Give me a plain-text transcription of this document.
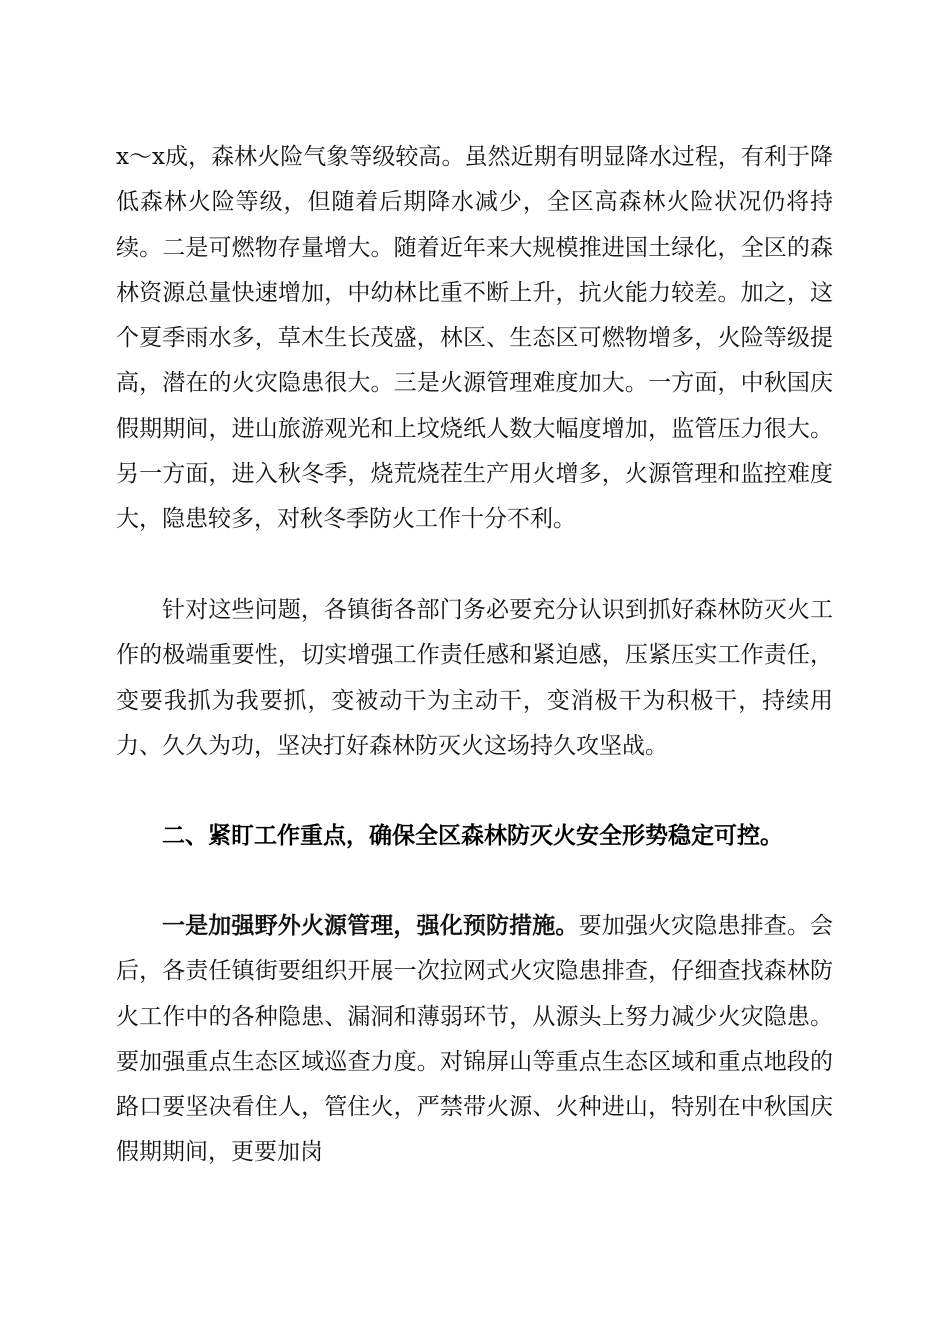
x～x成，森林火险气象等级较高。虽然近期有明显降水过程，有利于降低森林火险等级，但随着后期降水减少，全区高森林火险状况仍将持续。二是可燃物存量增大。随着近年来大规模推进国土绿化，全区的森林资源总量快速增加，中幼林比重不断上升，抗火能力较差。加之，这个夏季雨水多，草木生长茂盛，林区、生态区可燃物增多，火险等级提高，潜在的火灾隐患很大。三是火源管理难度加大。一方面，中秋国庆假期期间，进山旅游观光和上坟烧纸人数大幅度增加，监管压力很大。另一方面，进入秋冬季，烧荒烧茬生产用火增多，火源管理和监控难度大，隐患较多，对秋冬季防火工作十分不利。

针对这些问题，各镇街各部门务必要充分认识到抓好森林防灭火工作的极端重要性，切实增强工作责任感和紧迫感，压紧压实工作责任，变要我抓为我要抓，变被动干为主动干，变消极干为积极干，持续用力、久久为功，坚决打好森林防灭火这场持久攻坚战。

二、紧盯工作重点，确保全区森林防灭火安全形势稳定可控。

一是加强野外火源管理，强化预防措施。要加强火灾隐患排查。会后，各责任镇街要组织开展一次拉网式火灾隐患排查，仔细查找森林防火工作中的各种隐患、漏洞和薄弱环节，从源头上努力减少火灾隐患。要加强重点生态区域巡查力度。对锦屏山等重点生态区域和重点地段的路口要坚决看住人，管住火，严禁带火源、火种进山，特别在中秋国庆假期期间，更要加岗
